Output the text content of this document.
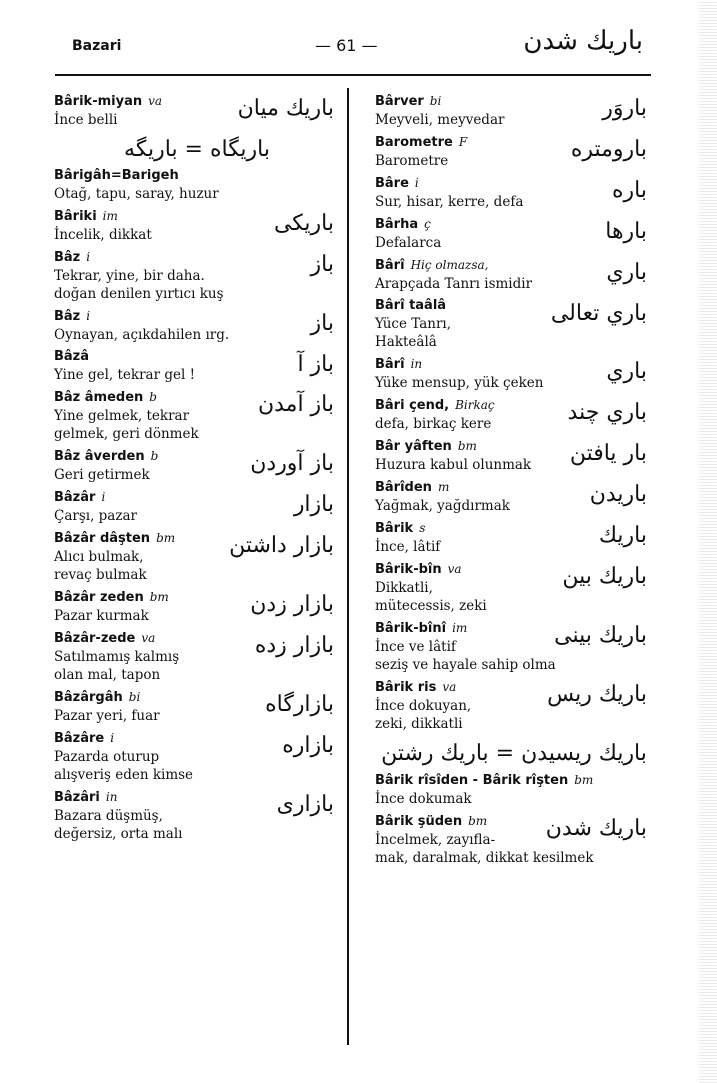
Bazari	— 61 —	باریك شدن
Bârik-miyan va
İnce belli	باریك میان
باریگاه = باریگه
Bârigâh=Barigeh
Otağ, tapu, saray, huzur
Bâriki im
İncelik, dikkat	باریکی
Bâz i
Tekrar, yine, bir daha.
doğan denilen yırtıcı kuş
باز
Bâz i
Oynayan, açıkdahilen ırg.	باز
Bâzâ
Yine gel, tekrar gel !	باز آ
Bâz âmeden b
Yine gelmek, tekrar
gelmek, geri dönmek
باز آمدن
Bâz âverden b
Geri getirmek	باز آوردن
Bâzâr i
Çarşı, pazar	بازار
Bâzâr dâşten bm
Alıcı bulmak,
revaç bulmak
بازار داشتن
Bâzâr zeden bm
Pazar kurmak	بازار زدن
Bâzâr-zede va
Satılmamış kalmış
olan mal, tapon
بازار زده
Bâzârgâh bi
Pazar yeri, fuar	بازارگاه
Bâzâre i
Pazarda oturup
alışveriş eden kimse
بازاره
Bâzâri in
Bazara düşmüş,
değersiz, orta malı
بازاری
Bârver bi
Meyveli, meyvedar	باروَر
Barometre F
Barometre	بارومتره
Bâre i
Sur, hisar, kerre, defa	باره
Bârha ç
Defalarca	بارها
Bârî Hiç olmazsa,
Arapçada Tanrı ismidir	باري
Bârî taâlâ
Yüce Tanrı,
Hakteâlâ
باري تعالی
Bârî in
Yüke mensup, yük çeken	باري
Bâri çend, Birkaç
defa, birkaç kere	باري چند
Bâr yâften bm
Huzura kabul olunmak	بار یافتن
Bârîden m
Yağmak, yağdırmak	باریدن
Bârik s
İnce, lâtif	باریك
Bârik-bîn va
Dikkatli,
mütecessis, zeki
باریك بین
Bârik-bînî im
İnce ve lâtif
seziş ve hayale sahip olma
باریك بینی
Bârik ris va
İnce dokuyan,
zeki, dikkatli
باریك ریس
باریك ریسیدن = باریك رشتن
Bârik rîsîden - Bârik rîşten bm
İnce dokumak
Bârik şüden bm
İncelmek, zayıfla-
mak, daralmak, dikkat kesilmek
باریك شدن
